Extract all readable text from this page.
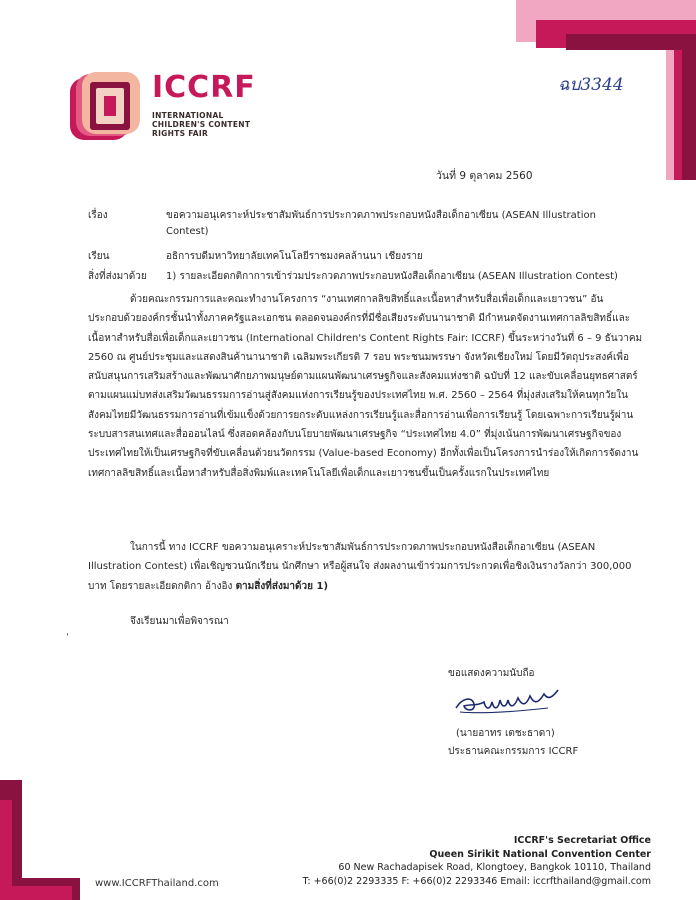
ICCRF
INTERNATIONAL
CHILDREN'S CONTENT
RIGHTS FAIR
ฉบ3344
วันที่ 9 ตุลาคม 2560
เรื่อง	ขอความอนุเคราะห์ประชาสัมพันธ์การประกวดภาพประกอบหนังสือเด็กอาเซียน (ASEAN Illustration
Contest)
เรียน	อธิการบดีมหาวิทยาลัยเทคโนโลยีราชมงคลล้านนา เชียงราย
สิ่งที่ส่งมาด้วย 1) รายละเอียดกติกาการเข้าร่วมประกวดภาพประกอบหนังสือเด็กอาเซียน (ASEAN Illustration Contest)
ด้วยคณะกรรมการและคณะทำงานโครงการ “งานเทศกาลลิขสิทธิ์และเนื้อหาสำหรับสื่อเพื่อเด็กและเยาวชน” อัน
ประกอบด้วยองค์กรชั้นนำทั้งภาคครัฐและเอกชน ตลอดจนองค์กรที่มีชื่อเสียงระดับนานาชาติ มีกำหนดจัดงานเทศกาลลิขสิทธิ์และ
เนื้อหาสำหรับสื่อเพื่อเด็กและเยาวชน (International Children's Content Rights Fair: ICCRF) ขึ้นระหว่างวันที่ 6 – 9 ธันวาคม
2560 ณ ศูนย์ประชุมและแสดงสินค้านานาชาติ เฉลิมพระเกียรติ 7 รอบ พระชนมพรรษา จังหวัดเชียงใหม่ โดยมีวัตถุประสงค์เพื่อ
สนับสนุนการเสริมสร้างและพัฒนาศักยภาพมนุษย์ตามแผนพัฒนาเศรษฐกิจและสังคมแห่งชาติ ฉบับที่ 12 และขับเคลื่อนยุทธศาสตร์
ตามแผนแม่บทส่งเสริมวัฒนธรรมการอ่านสู่สังคมแห่งการเรียนรู้ของประเทศไทย พ.ศ. 2560 – 2564 ที่มุ่งส่งเสริมให้คนทุกวัยใน
สังคมไทยมีวัฒนธรรมการอ่านที่เข้มแข็งด้วยการยกระดับแหล่งการเรียนรู้และสื่อการอ่านเพื่อการเรียนรู้ โดยเฉพาะการเรียนรู้ผ่าน
ระบบสารสนเทศและสื่อออนไลน์ ซึ่งสอดคล้องกับนโยบายพัฒนาเศรษฐกิจ “ประเทศไทย 4.0” ที่มุ่งเน้นการพัฒนาเศรษฐกิจของ
ประเทศไทยให้เป็นเศรษฐกิจที่ขับเคลื่อนด้วยนวัตกรรม (Value-based Economy) อีกทั้งเพื่อเป็นโครงการนำร่องให้เกิดการจัดงาน
เทศกาลลิขสิทธิ์และเนื้อหาสำหรับสื่อสิ่งพิมพ์และเทคโนโลยีเพื่อเด็กและเยาวชนขึ้นเป็นครั้งแรกในประเทศไทย
ในการนี้ ทาง ICCRF ขอความอนุเคราะห์ประชาสัมพันธ์การประกวดภาพประกอบหนังสือเด็กอาเซียน (ASEAN
Illustration Contest) เพื่อเชิญชวนนักเรียน นักศึกษา หรือผู้สนใจ ส่งผลงานเข้าร่วมการประกวดเพื่อชิงเงินรางวัลกว่า 300,000
บาท โดยรายละเอียดกติกา อ้างอิง ตามสิ่งที่ส่งมาด้วย 1)
'
จึงเรียนมาเพื่อพิจารณา
ขอแสดงความนับถือ
(นายอาทร เตชะธาดา)
ประธานคณะกรรมการ ICCRF
www.ICCRFThailand.com
ICCRF's Secretariat Office
Queen Sirikit National Convention Center
60 New Rachadapisek Road, Klongtoey, Bangkok 10110, Thailand
T: +66(0)2 2293335 F: +66(0)2 2293346 Email: iccrfthailand@gmail.com
